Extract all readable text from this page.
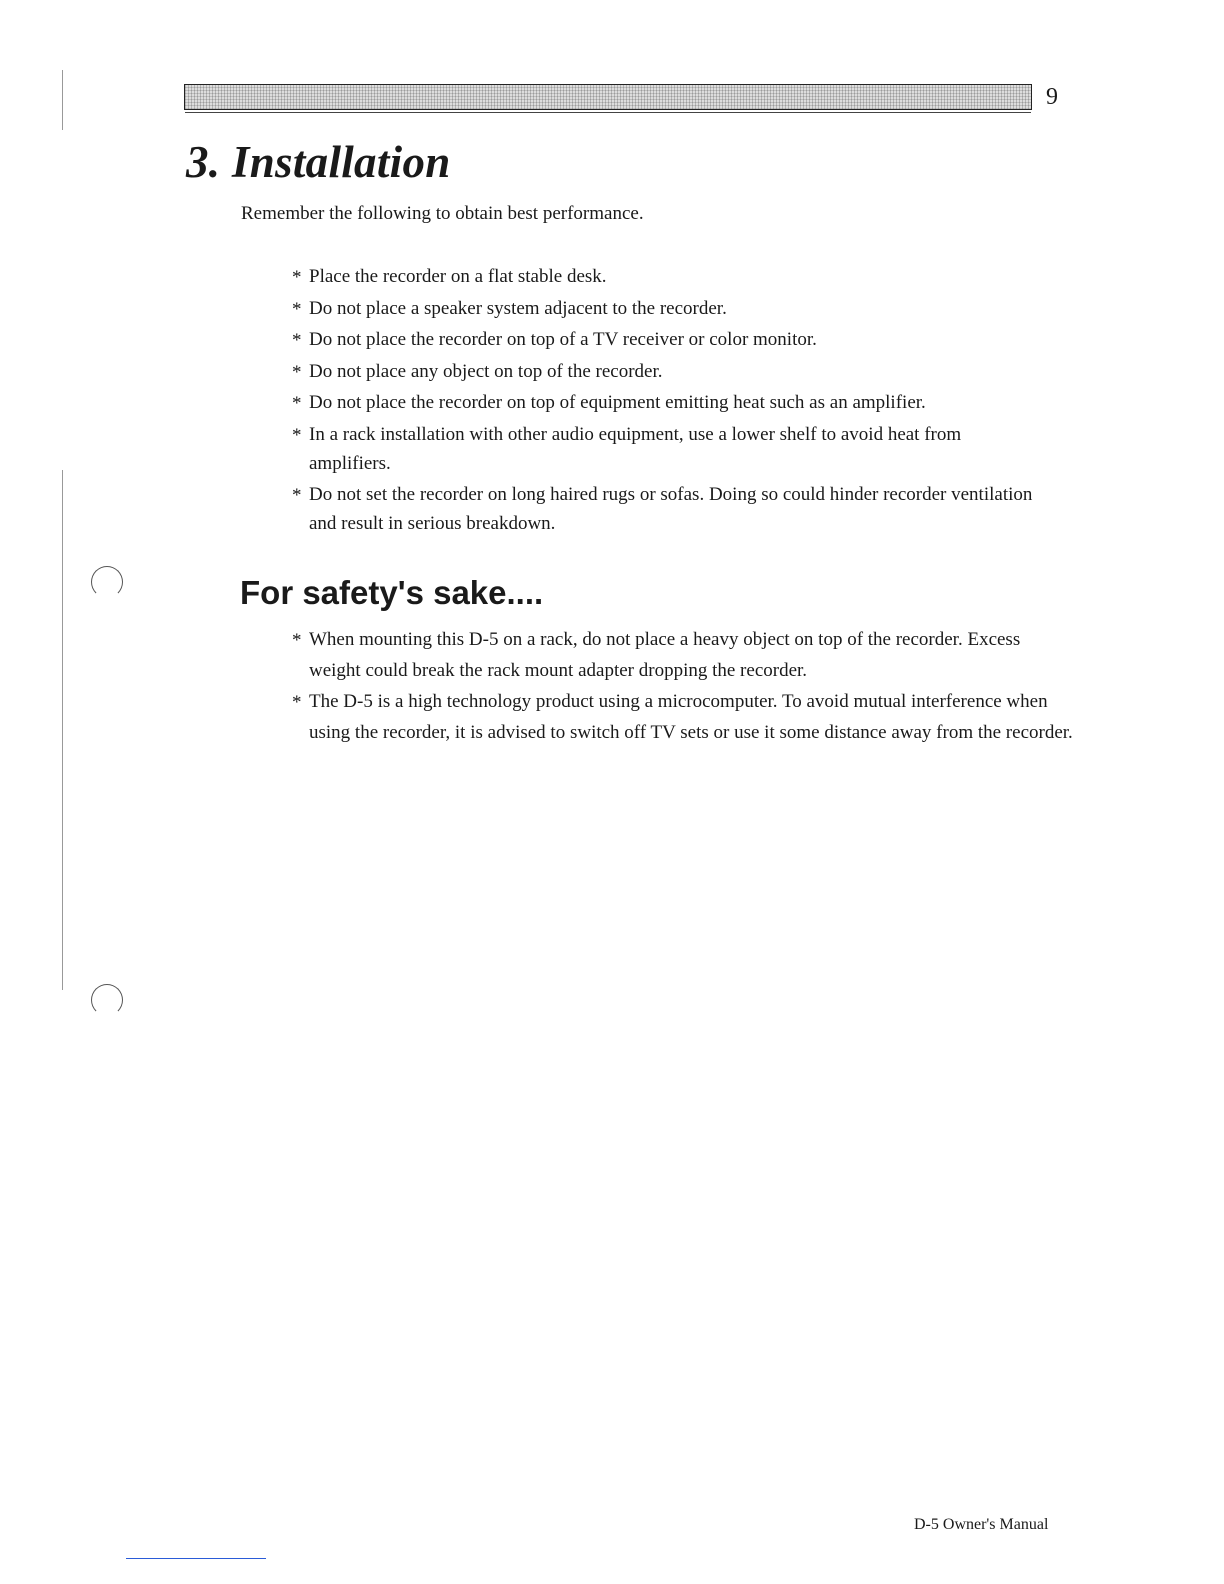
9
3. Installation

Remember the following to obtain best performance.

* Place the recorder on a flat stable desk.
* Do not place a speaker system adjacent to the recorder.
* Do not place the recorder on top of a TV receiver or color monitor.
* Do not place any object on top of the recorder.
* Do not place the recorder on top of equipment emitting heat such as an amplifier.
* In a rack installation with other audio equipment, use a lower shelf to avoid heat from amplifiers.
* Do not set the recorder on long haired rugs or sofas. Doing so could hinder recorder ventilation and result in serious breakdown.
For safety's sake....
* When mounting this D-5 on a rack, do not place a heavy object on top of the recorder. Excess weight could break the rack mount adapter dropping the recorder.
* The D-5 is a high technology product using a microcomputer. To avoid mutual interference when using the recorder, it is advised to switch off TV sets or use it some distance away from the recorder.
D-5 Owner's Manual
